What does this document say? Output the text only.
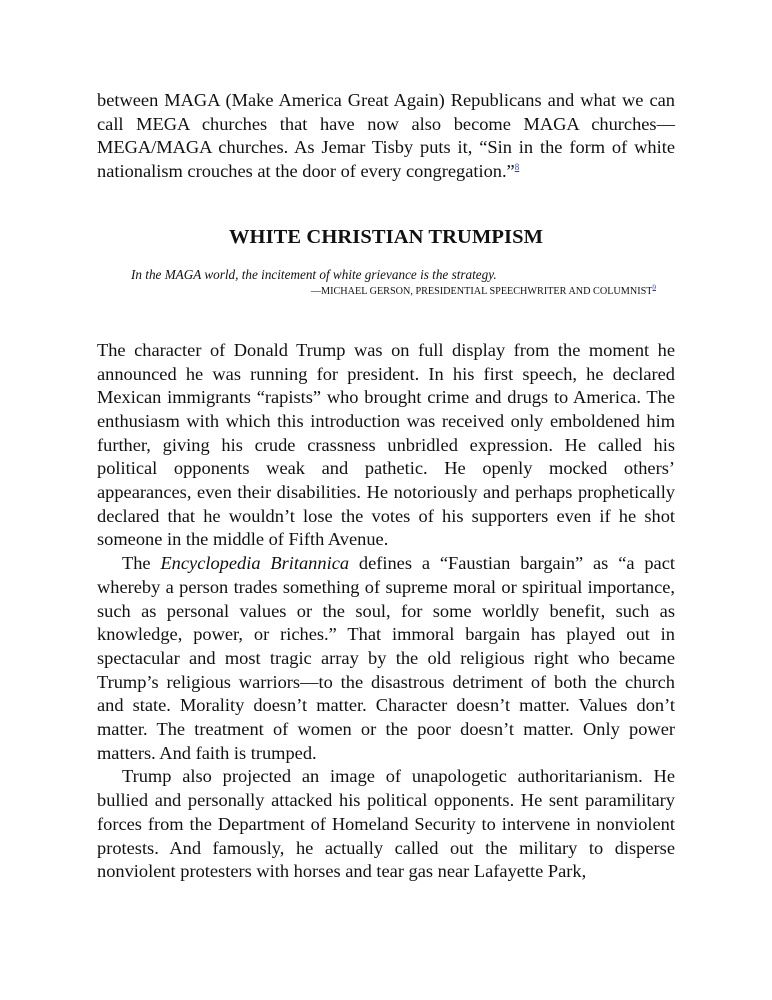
between MAGA (Make America Great Again) Republicans and what we can call MEGA churches that have now also become MAGA churches—MEGA/MAGA churches. As Jemar Tisby puts it, “Sin in the form of white nationalism crouches at the door of every congregation.”$^8$

WHITE CHRISTIAN TRUMPISM

In the MAGA world, the incitement of white grievance is the strategy.

—MICHAEL GERSON, PRESIDENTIAL SPEECHWRITER AND COLUMNIST$^9$

The character of Donald Trump was on full display from the moment he announced he was running for president. In his first speech, he declared Mexican immigrants “rapists” who brought crime and drugs to America. The enthusiasm with which this introduction was received only emboldened him further, giving his crude crassness unbridled expression. He called his political opponents weak and pathetic. He openly mocked others’ appearances, even their disabilities. He notoriously and perhaps prophetically declared that he wouldn’t lose the votes of his supporters even if he shot someone in the middle of Fifth Avenue.

The Encyclopedia Britannica defines a “Faustian bargain” as “a pact whereby a person trades something of supreme moral or spiritual importance, such as personal values or the soul, for some worldly benefit, such as knowledge, power, or riches.” That immoral bargain has played out in spectacular and most tragic array by the old religious right who became Trump’s religious warriors—to the disastrous detriment of both the church and state. Morality doesn’t matter. Character doesn’t matter. Values don’t matter. The treatment of women or the poor doesn’t matter. Only power matters. And faith is trumped.

Trump also projected an image of unapologetic authoritarianism. He bullied and personally attacked his political opponents. He sent paramilitary forces from the Department of Homeland Security to intervene in nonviolent protests. And famously, he actually called out the military to disperse nonviolent protesters with horses and tear gas near Lafayette Park,
